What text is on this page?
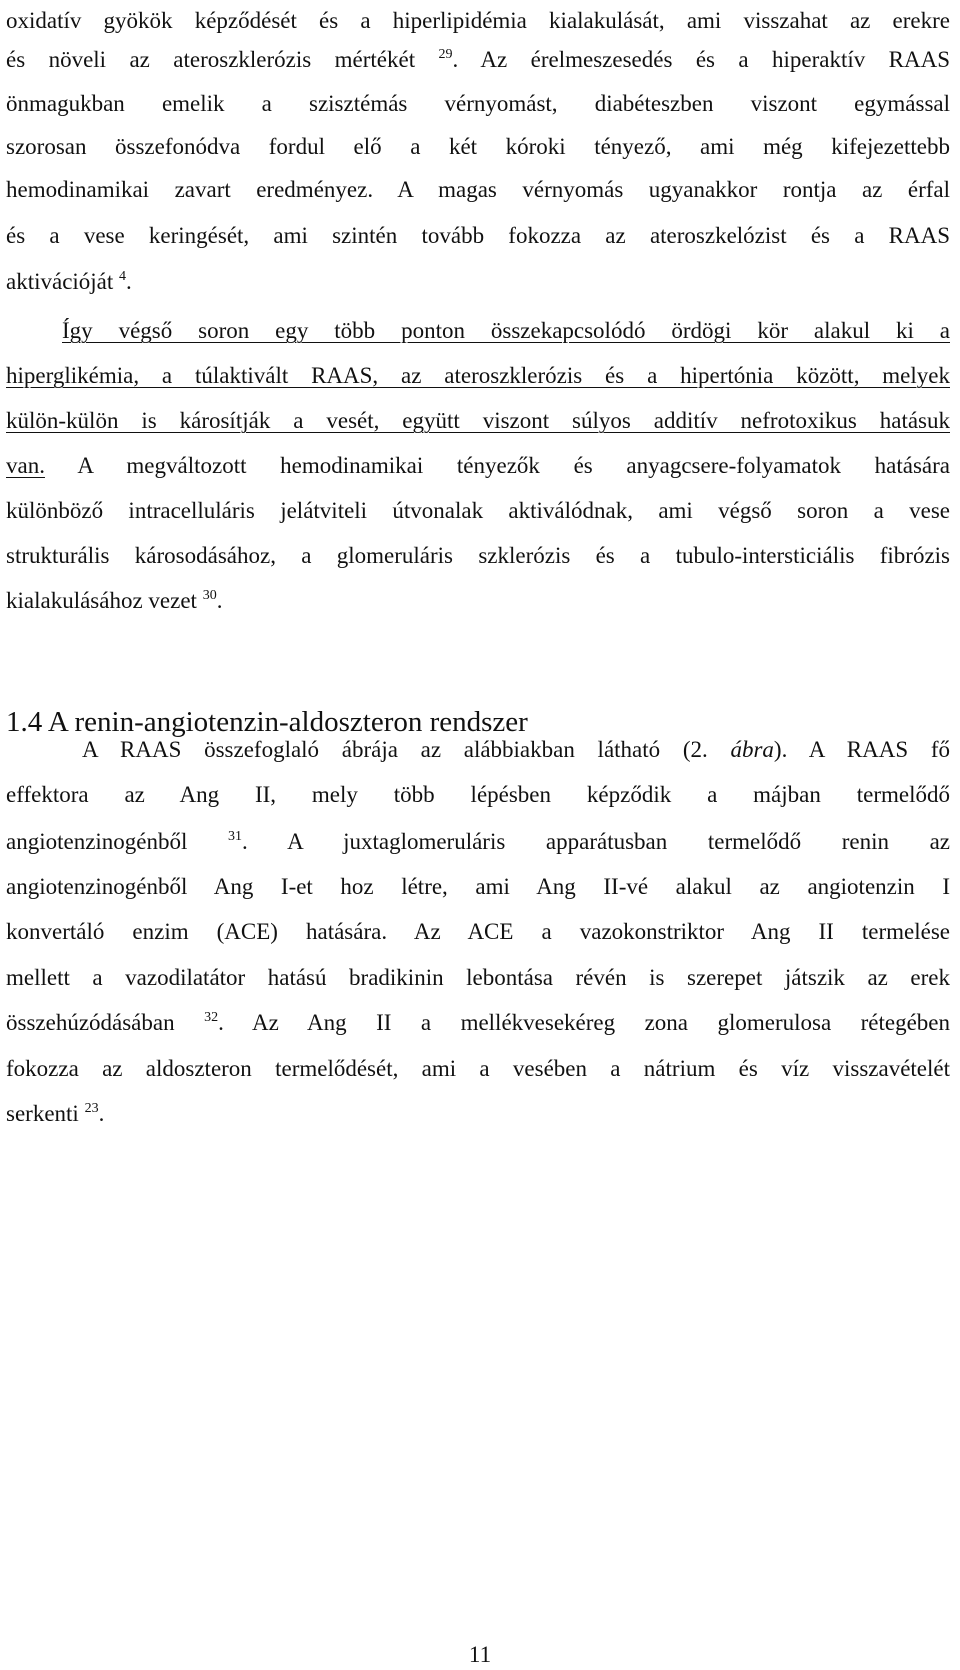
oxidatív gyökök képződését és a hiperlipidémia kialakulását, ami visszahat az erekre
és növeli az ateroszklerózis mértékét $^{29}$. Az érelmeszesedés és a hiperaktív RAAS
önmagukban emelik a szisztémás vérnyomást, diabéteszben viszont egymással
szorosan összefonódva fordul elő a két kóroki tényező, ami még kifejezettebb
hemodinamikai zavart eredményez. A magas vérnyomás ugyanakkor rontja az érfal
és a vese keringését, ami szintén tovább fokozza az ateroszkelózist és a RAAS
aktivációját $^4$.
Így végső soron egy több ponton összekapcsolódó ördögi kör alakul ki a
hiperglikémia, a túlaktivált RAAS, az ateroszklerózis és a hipertónia között, melyek
külön-külön is károsítják a vesét, együtt viszont súlyos additív nefrotoxikus hatásuk
van. A megváltozott hemodinamikai tényezők és anyagcsere-folyamatok hatására
különböző intracelluláris jelátviteli útvonalak aktiválódnak, ami végső soron a vese
strukturális károsodásához, a glomeruláris szklerózis és a tubulo-intersticiális fibrózis
kialakulásához vezet $^{30}$.
1.4 A renin-angiotenzin-aldoszteron rendszer
A RAAS összefoglaló ábrája az alábbiakban látható (2. ábra). A RAAS fő
effektora az Ang II, mely több lépésben képződik a májban termelődő
angiotenzinogénből	$^{31}$. A juxtaglomeruláris apparátusban termelődő renin az
angiotenzinogénből Ang I-et hoz létre, ami Ang II-vé alakul az angiotenzin I
konvertáló enzim (ACE) hatására. Az ACE a vazokonstriktor Ang II termelése
mellett a vazodilatátor hatású bradikinin lebontása révén is szerepet játszik az erek
összehúzódásában $^{32}$. Az Ang II a mellékvesekéreg zona glomerulosa rétegében
fokozza az aldoszteron termelődését, ami a vesében a nátrium és víz visszavételét
serkenti $^{23}$.
11
